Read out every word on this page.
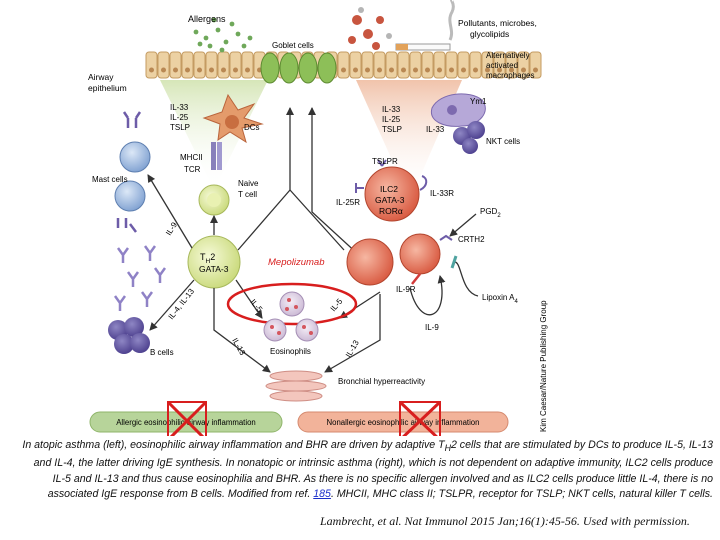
Allergens
Goblet cells
Pollutants, microbes,
glycolipids
Airway
epithelium
Alternatively
activated
macrophages
IL-33
IL-25
TSLP	DCs
MHCII
TCR
Naive
T cell
$T_H2$
GATA-3
Mast cells
B cells
IL-9
IL-4, IL-13
IL-13	IL-13
Mepolizumab
IL-5	IL-5
Eosinophils
Bronchial hyperreactivity
IL-33
IL-25
TSLP
Ym1
IL-33
NKT cells
TSLPR
ILC2
GATA-3
RORα
IL-25R
IL-33R
$PGD_2$
CRTH2
Lipoxin $A_4$
IL-9R
IL-9
Allergic eosinophilic airway inflammation	Nonallergic eosinophilic airway inflammation	Kim Caesar/Nature Publishing Group
In atopic asthma (left), eosinophilic airway inflammation and BHR are driven by adaptive $T_H2$ cells that are stimulated by DCs to produce IL-5, IL-13 and IL-4, the latter driving IgE synthesis. In nonatopic or intrinsic asthma (right), which is not dependent on adaptive immunity, ILC2 cells produce IL-5 and IL-13 and thus cause eosinophilia and BHR. As there is no specific allergen involved and as ILC2 cells produce little IL-4, there is no associated IgE response from B cells. Modified from ref. 185. MHCII, MHC class II; TSLPR, receptor for TSLP; NKT cells, natural killer T cells.
Lambrecht, et al. Nat Immunol 2015 Jan;16(1):45-56. Used with permission.
